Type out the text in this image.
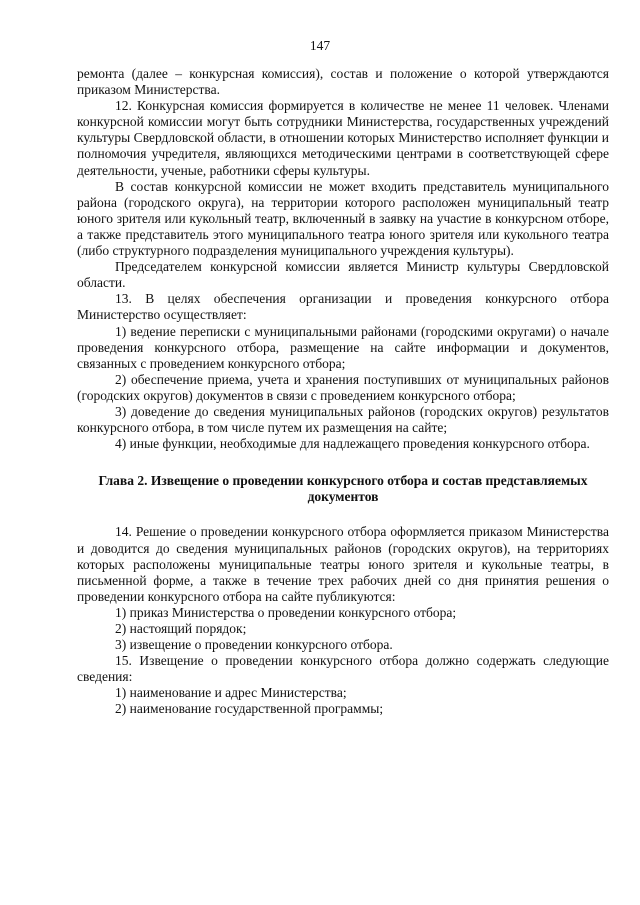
147

ремонта (далее – конкурсная комиссия), состав и положение о которой утверждаются приказом Министерства.

12. Конкурсная комиссия формируется в количестве не менее 11 человек. Членами конкурсной комиссии могут быть сотрудники Министерства, государственных учреждений культуры Свердловской области, в отношении которых Министерство исполняет функции и полномочия учредителя, являющихся методическими центрами в соответствующей сфере деятельности, ученые, работники сферы культуры.

В состав конкурсной комиссии не может входить представитель муниципального района (городского округа), на территории которого расположен муниципальный театр юного зрителя или кукольный театр, включенный в заявку на участие в конкурсном отборе, а также представитель этого муниципального театра юного зрителя или кукольного театра (либо структурного подразделения муниципального учреждения культуры).

Председателем конкурсной комиссии является Министр культуры Свердловской области.

13. В целях обеспечения организации и проведения конкурсного отбора Министерство осуществляет:

1) ведение переписки с муниципальными районами (городскими округами) о начале проведения конкурсного отбора, размещение на сайте информации и документов, связанных с проведением конкурсного отбора;

2) обеспечение приема, учета и хранения поступивших от муниципальных районов (городских округов) документов в связи с проведением конкурсного отбора;

3) доведение до сведения муниципальных районов (городских округов) результатов конкурсного отбора, в том числе путем их размещения на сайте;

4) иные функции, необходимые для надлежащего проведения конкурсного отбора.

Глава 2. Извещение о проведении конкурсного отбора и состав представляемых документов

14. Решение о проведении конкурсного отбора оформляется приказом Министерства и доводится до сведения муниципальных районов (городских округов), на территориях которых расположены муниципальные театры юного зрителя и кукольные театры, в письменной форме, а также в течение трех рабочих дней со дня принятия решения о проведении конкурсного отбора на сайте публикуются:

1) приказ Министерства о проведении конкурсного отбора;

2) настоящий порядок;

3) извещение о проведении конкурсного отбора.

15. Извещение о проведении конкурсного отбора должно содержать следующие сведения:

1) наименование и адрес Министерства;

2) наименование государственной программы;
